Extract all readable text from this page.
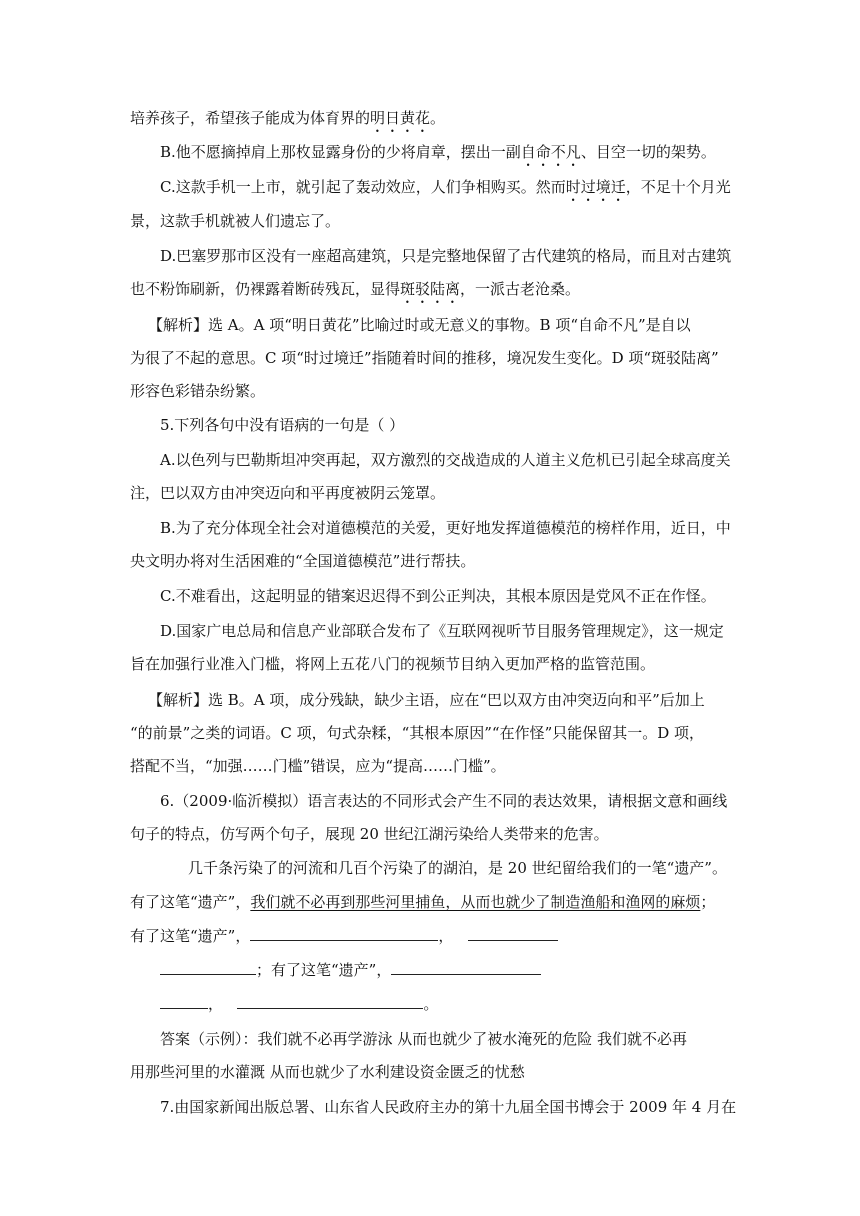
培养孩子，希望孩子能成为体育界的明日黄花。
B.他不愿摘掉肩上那枚显露身份的少将肩章，摆出一副自命不凡、目空一切的架势。
C.这款手机一上市，就引起了轰动效应，人们争相购买。然而时过境迁，不足十个月光
景，这款手机就被人们遗忘了。
D.巴塞罗那市区没有一座超高建筑，只是完整地保留了古代建筑的格局，而且对古建筑
也不粉饰刷新，仍裸露着断砖残瓦，显得斑驳陆离，一派古老沧桑。
【解析】选 A。A 项“明日黄花”比喻过时或无意义的事物。B 项“自命不凡”是自以
为很了不起的意思。C 项“时过境迁”指随着时间的推移，境况发生变化。D 项“斑驳陆离”
形容色彩错杂纷繁。
5.下列各句中没有语病的一句是（ ）
A.以色列与巴勒斯坦冲突再起，双方激烈的交战造成的人道主义危机已引起全球高度关
注，巴以双方由冲突迈向和平再度被阴云笼罩。
B.为了充分体现全社会对道德模范的关爱，更好地发挥道德模范的榜样作用，近日，中
央文明办将对生活困难的“全国道德模范”进行帮扶。
C.不难看出，这起明显的错案迟迟得不到公正判决，其根本原因是党风不正在作怪。
D.国家广电总局和信息产业部联合发布了《互联网视听节目服务管理规定》，这一规定
旨在加强行业准入门槛，将网上五花八门的视频节目纳入更加严格的监管范围。
【解析】选 B。A 项，成分残缺，缺少主语，应在“巴以双方由冲突迈向和平”后加上
“的前景”之类的词语。C 项，句式杂糅，“其根本原因”“在作怪”只能保留其一。D 项，
搭配不当，“加强……门槛”错误，应为“提高……门槛”。
6.（2009·临沂模拟）语言表达的不同形式会产生不同的表达效果，请根据文意和画线
句子的特点，仿写两个句子，展现 20 世纪江湖污染给人类带来的危害。
几千条污染了的河流和几百个污染了的湖泊，是 20 世纪留给我们的一笔“遗产”。
有了这笔“遗产”，我们就不必再到那些河里捕鱼，从而也就少了制造渔船和渔网的麻烦；
有了这笔“遗产”，	，
；有了这笔“遗产”，
，	。
答案（示例）：我们就不必再学游泳 从而也就少了被水淹死的危险 我们就不必再
用那些河里的水灌溉 从而也就少了水利建设资金匮乏的忧愁
7.由国家新闻出版总署、山东省人民政府主办的第十九届全国书博会于 2009 年 4 月在
